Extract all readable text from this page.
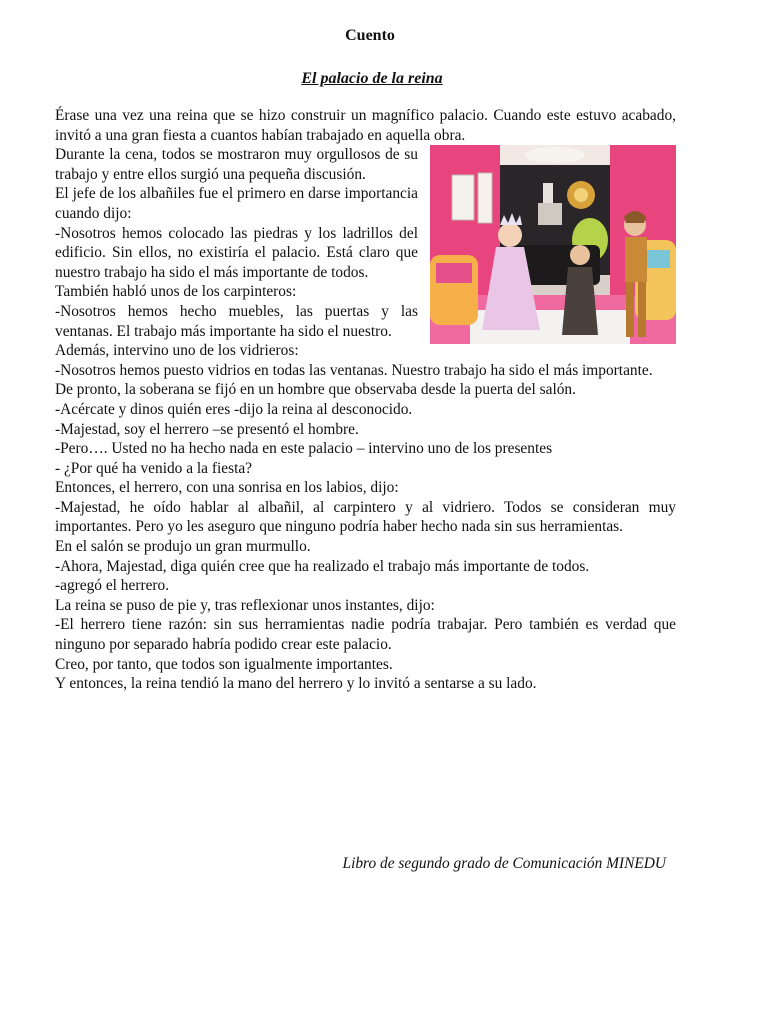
Cuento
El palacio de la reina

Érase una vez una reina que se hizo construir un magnífico palacio. Cuando este estuvo acabado, invitó a una gran fiesta a cuantos habían trabajado en aquella obra.

Durante la cena, todos se mostraron muy orgullosos de su trabajo y entre ellos surgió una pequeña discusión.

El jefe de los albañiles fue el primero en darse importancia cuando dijo:

-Nosotros hemos colocado las piedras y los ladrillos del edificio. Sin ellos, no existiría el palacio. Está claro que nuestro trabajo ha sido el más importante de todos.

También habló unos de los carpinteros:

-Nosotros hemos hecho muebles, las puertas y las ventanas. El trabajo más importante ha sido el nuestro.

Además, intervino uno de los vidrieros:

-Nosotros hemos puesto vidrios en todas las ventanas. Nuestro trabajo ha sido el más importante.

De pronto, la soberana se fijó en un hombre que observaba desde la puerta del salón.

-Acércate y dinos quién eres -dijo la reina al desconocido.

-Majestad, soy el herrero –se presentó el hombre.

-Pero…. Usted no ha hecho nada en este palacio – intervino uno de los presentes

- ¿Por qué ha venido a la fiesta?

Entonces, el herrero, con una sonrisa en los labios, dijo:

-Majestad, he oído hablar al albañil, al carpintero y al vidriero. Todos se consideran muy importantes. Pero yo les aseguro que ninguno podría haber hecho nada sin sus herramientas.

En el salón se produjo un gran murmullo.

-Ahora, Majestad, diga quién cree que ha realizado el trabajo más importante de todos.

-agregó el herrero.

La reina se puso de pie y, tras reflexionar unos instantes, dijo:

-El herrero tiene razón: sin sus herramientas nadie podría trabajar. Pero también es verdad que ninguno por separado habría podido crear este palacio.

Creo, por tanto, que todos son igualmente importantes.

Y entonces, la reina tendió la mano del herrero y lo invitó a sentarse a su lado.

Libro de segundo grado de Comunicación MINEDU
